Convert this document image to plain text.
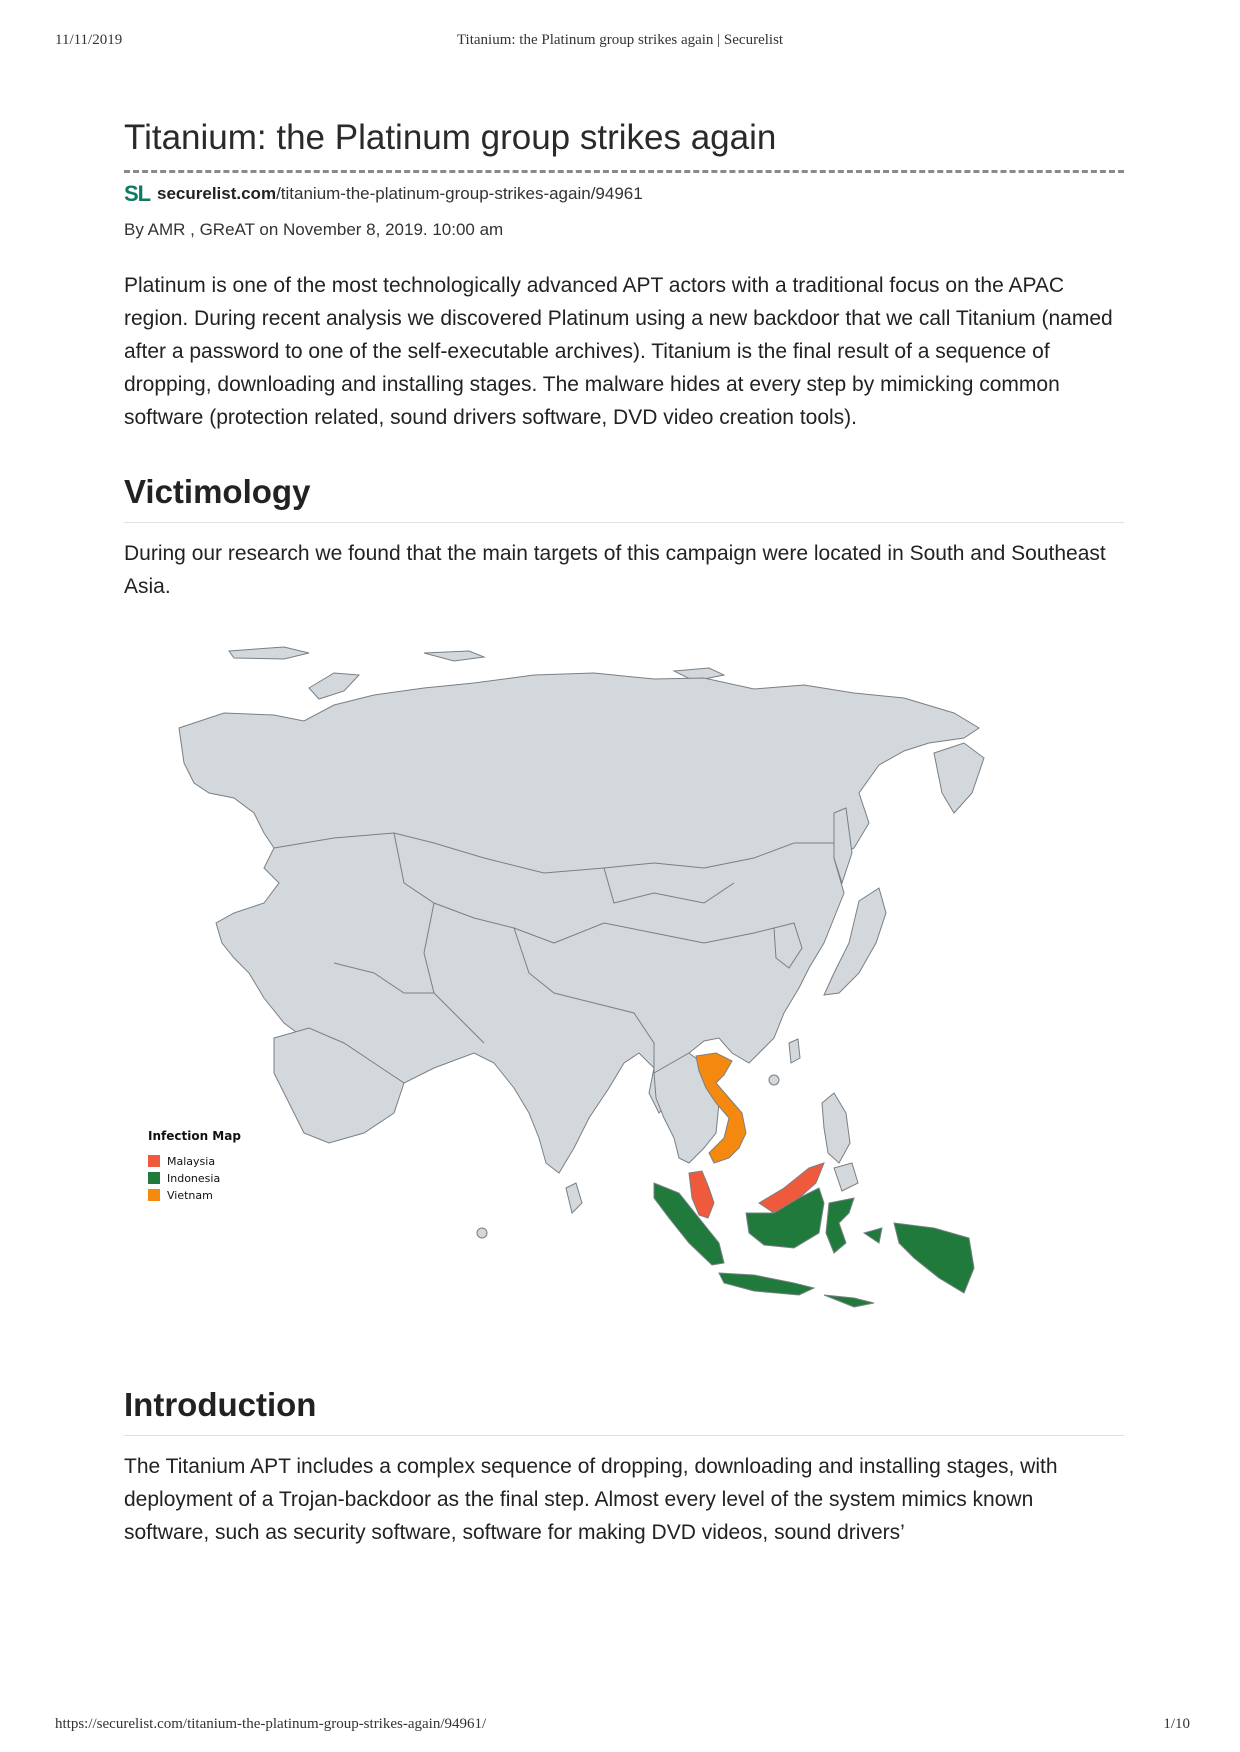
11/11/2019	Titanium: the Platinum group strikes again | Securelist
Titanium: the Platinum group strikes again
SL securelist.com /titanium-the-platinum-group-strikes-again/94961
By AMR , GReAT on November 8, 2019. 10:00 am

Platinum is one of the most technologically advanced APT actors with a traditional focus on the APAC region. During recent analysis we discovered Platinum using a new backdoor that we call Titanium (named after a password to one of the self-executable archives). Titanium is the final result of a sequence of dropping, downloading and installing stages. The malware hides at every step by mimicking common software (protection related, sound drivers software, DVD video creation tools).

Victimology

During our research we found that the main targets of this campaign were located in South and Southeast Asia.

Infection Map
Malaysia
Indonesia
Vietnam
Introduction

The Titanium APT includes a complex sequence of dropping, downloading and installing stages, with deployment of a Trojan-backdoor as the final step. Almost every level of the system mimics known software, such as security software, software for making DVD videos, sound drivers’

https://securelist.com/titanium-the-platinum-group-strikes-again/94961/	1/10
